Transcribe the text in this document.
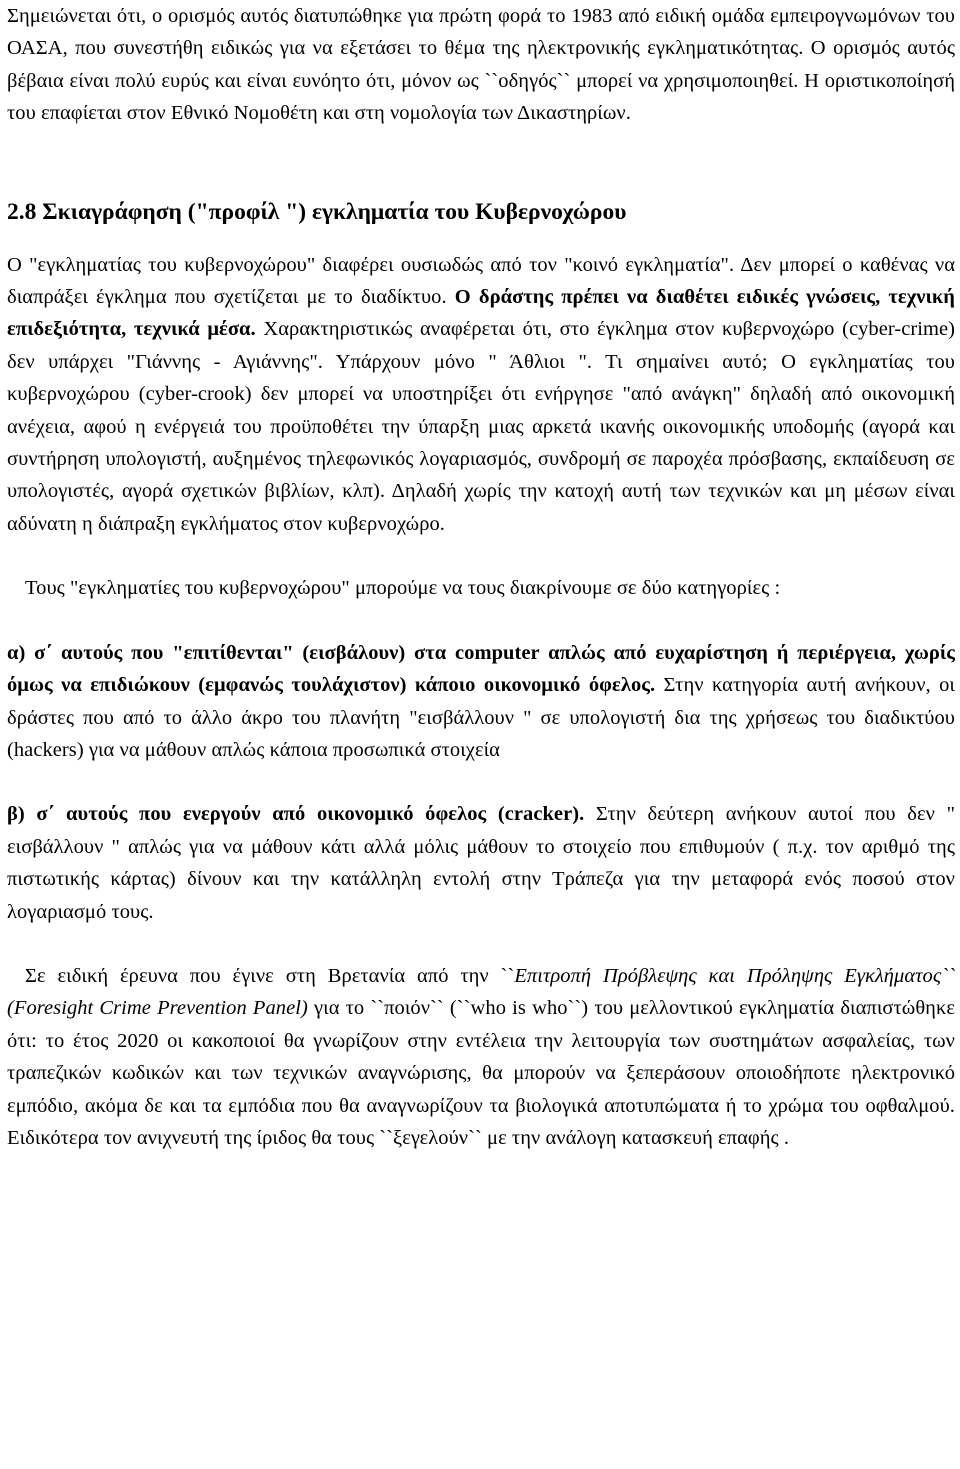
Σημειώνεται ότι, ο ορισμός αυτός διατυπώθηκε για πρώτη φορά το 1983 από ειδική ομάδα εμπειρογνωμόνων του ΟΑΣΑ, που συνεστήθη ειδικώς για να εξετάσει το θέμα της ηλεκτρονικής εγκληματικότητας. Ο ορισμός αυτός βέβαια είναι πολύ ευρύς και είναι ευνόητο ότι, μόνον ως ``οδηγός`` μπορεί να χρησιμοποιηθεί. Η οριστικοποίησή του επαφίεται στον Εθνικό Νομοθέτη και στη νομολογία των Δικαστηρίων.

2.8 Σκιαγράφηση ("προφίλ ") εγκληματία του Κυβερνοχώρου

Ο "εγκληματίας του κυβερνοχώρου" διαφέρει ουσιωδώς από τον "κοινό εγκληματία". Δεν μπορεί ο καθένας να διαπράξει έγκλημα που σχετίζεται με το διαδίκτυο. Ο δράστης πρέπει να διαθέτει ειδικές γνώσεις, τεχνική επιδεξιότητα, τεχνικά μέσα. Χαρακτηριστικώς αναφέρεται ότι, στο έγκλημα στον κυβερνοχώρο (cyber-crime) δεν υπάρχει "Γιάννης - Αγιάννης". Υπάρχουν μόνο " Άθλιοι ". Τι σημαίνει αυτό; Ο εγκληματίας του κυβερνοχώρου (cyber-crook) δεν μπορεί να υποστηρίξει ότι ενήργησε "από ανάγκη" δηλαδή από οικονομική ανέχεια, αφού η ενέργειά του προϋποθέτει την ύπαρξη μιας αρκετά ικανής οικονομικής υποδομής (αγορά και συντήρηση υπολογιστή, αυξημένος τηλεφωνικός λογαριασμός, συνδρομή σε παροχέα πρόσβασης, εκπαίδευση σε υπολογιστές, αγορά σχετικών βιβλίων, κλπ). Δηλαδή χωρίς την κατοχή αυτή των τεχνικών και μη μέσων είναι αδύνατη η διάπραξη εγκλήματος στον κυβερνοχώρο.

Τους "εγκληματίες του κυβερνοχώρου" μπορούμε να τους διακρίνουμε σε δύο κατηγορίες :

α) σ΄ αυτούς που "επιτίθενται" (εισβάλουν) στα computer απλώς από ευχαρίστηση ή περιέργεια, χωρίς όμως να επιδιώκουν (εμφανώς τουλάχιστον) κάποιο οικονομικό όφελος. Στην κατηγορία αυτή ανήκουν, οι δράστες που από το άλλο άκρο του πλανήτη "εισβάλλουν " σε υπολογιστή δια της χρήσεως του διαδικτύου (hackers) για να μάθουν απλώς κάποια προσωπικά στοιχεία

β) σ΄ αυτούς που ενεργούν από οικονομικό όφελος (cracker). Στην δεύτερη ανήκουν αυτοί που δεν " εισβάλλουν " απλώς για να μάθουν κάτι αλλά μόλις μάθουν το στοιχείο που επιθυμούν ( π.χ. τον αριθμό της πιστωτικής κάρτας) δίνουν και την κατάλληλη εντολή στην Τράπεζα για την μεταφορά ενός ποσού στον λογαριασμό τους.

Σε ειδική έρευνα που έγινε στη Βρετανία από την ``Επιτροπή Πρόβλεψης και Πρόληψης Εγκλήματος`` (Foresight Crime Prevention Panel) για το ``ποιόν`` (``who is who``) του μελλοντικού εγκληματία διαπιστώθηκε ότι: το έτος 2020 οι κακοποιοί θα γνωρίζουν στην εντέλεια την λειτουργία των συστημάτων ασφαλείας, των τραπεζικών κωδικών και των τεχνικών αναγνώρισης, θα μπορούν να ξεπεράσουν οποιοδήποτε ηλεκτρονικό εμπόδιο, ακόμα δε και τα εμπόδια που θα αναγνωρίζουν τα βιολογικά αποτυπώματα ή το χρώμα του οφθαλμού. Ειδικότερα τον ανιχνευτή της ίριδος θα τους ``ξεγελούν`` με την ανάλογη κατασκευή επαφής .
